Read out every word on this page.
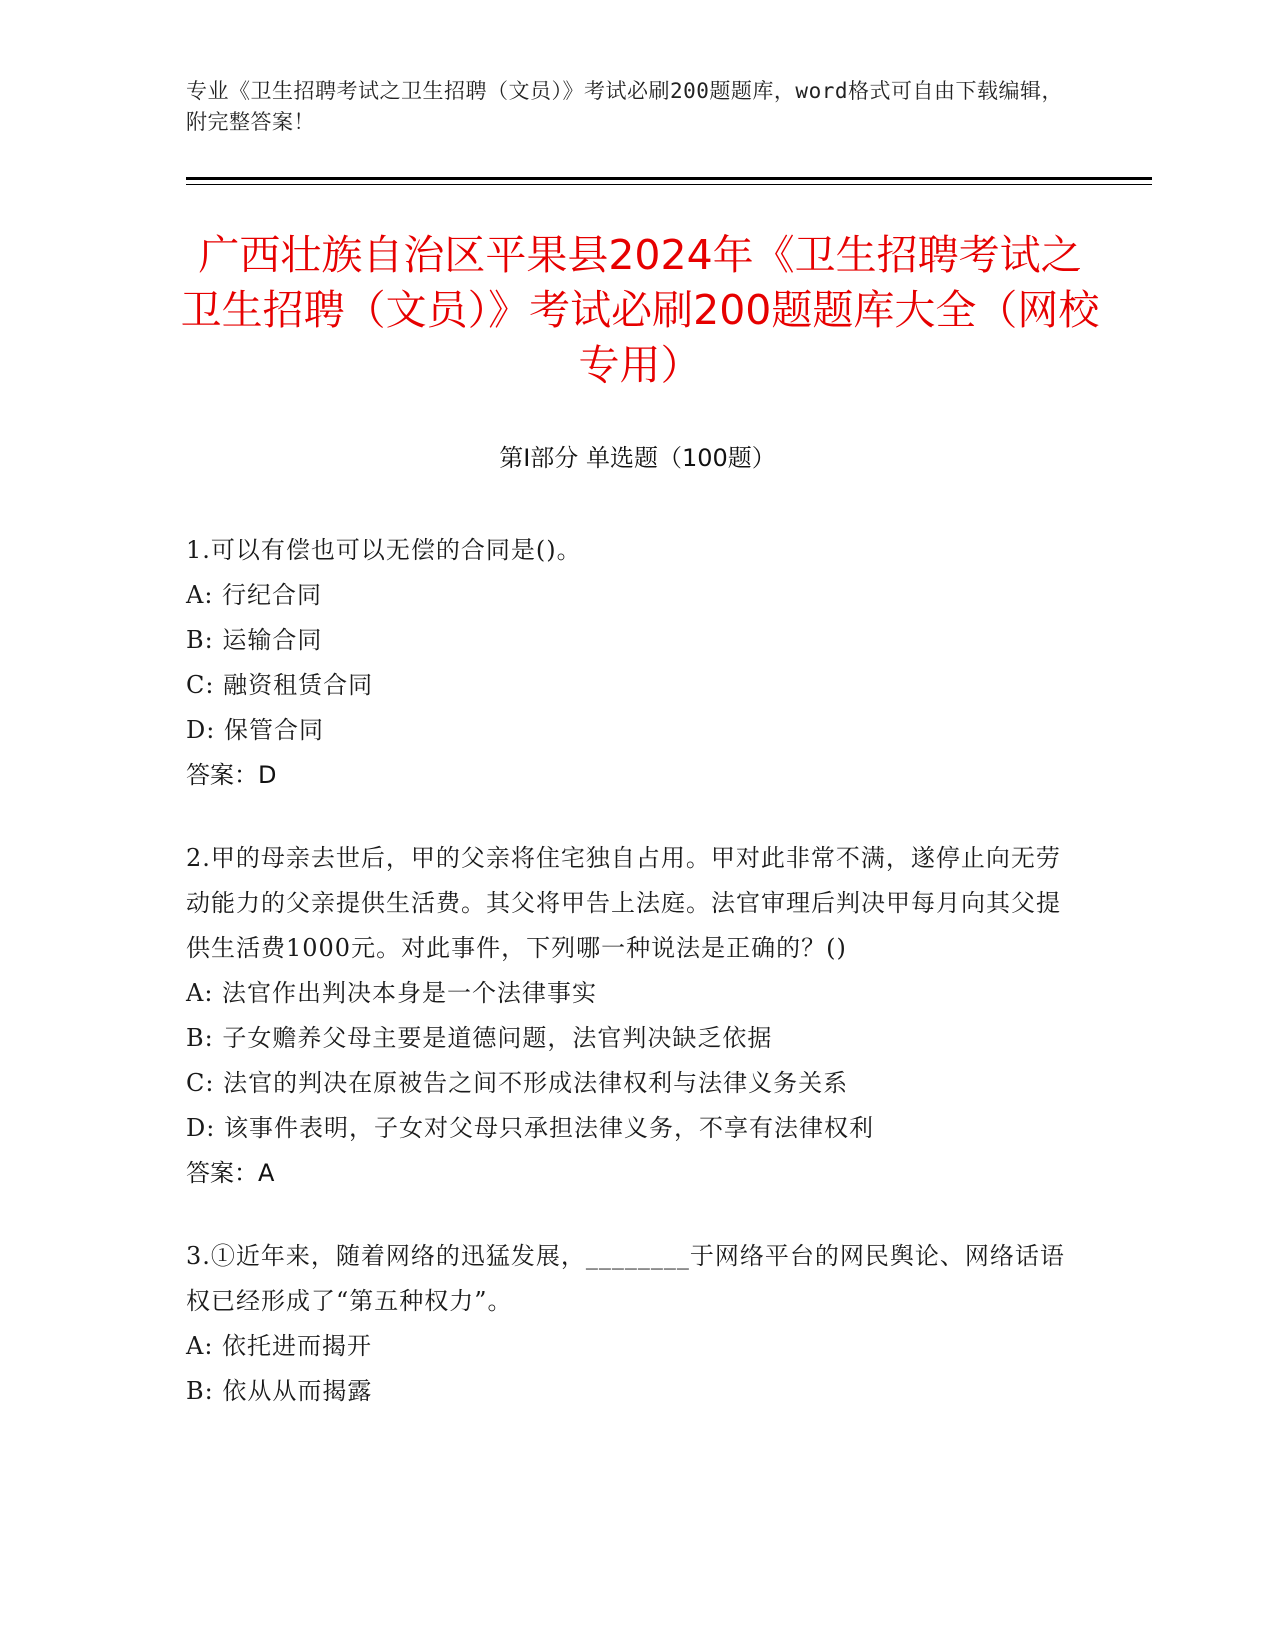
专业《卫生招聘考试之卫生招聘（文员）》考试必刷200题题库，word格式可自由下载编辑，附完整答案！
广西壮族自治区平果县2024年《卫生招聘考试之卫生招聘（文员）》考试必刷200题题库大全（网校专用）
第Ⅰ部分 单选题（100题）

1.可以有偿也可以无偿的合同是()。

A: 行纪合同

B: 运输合同

C: 融资租赁合同

D: 保管合同

答案：D

2.甲的母亲去世后，甲的父亲将住宅独自占用。甲对此非常不满，遂停止向无劳动能力的父亲提供生活费。其父将甲告上法庭。法官审理后判决甲每月向其父提供生活费1000元。对此事件，下列哪一种说法是正确的？()

A: 法官作出判决本身是一个法律事实

B: 子女赡养父母主要是道德问题，法官判决缺乏依据

C: 法官的判决在原被告之间不形成法律权利与法律义务关系

D: 该事件表明，子女对父母只承担法律义务，不享有法律权利

答案：A

3.①近年来，随着网络的迅猛发展，________于网络平台的网民舆论、网络话语权已经形成了“第五种权力”。

A: 依托进而揭开

B: 依从从而揭露
